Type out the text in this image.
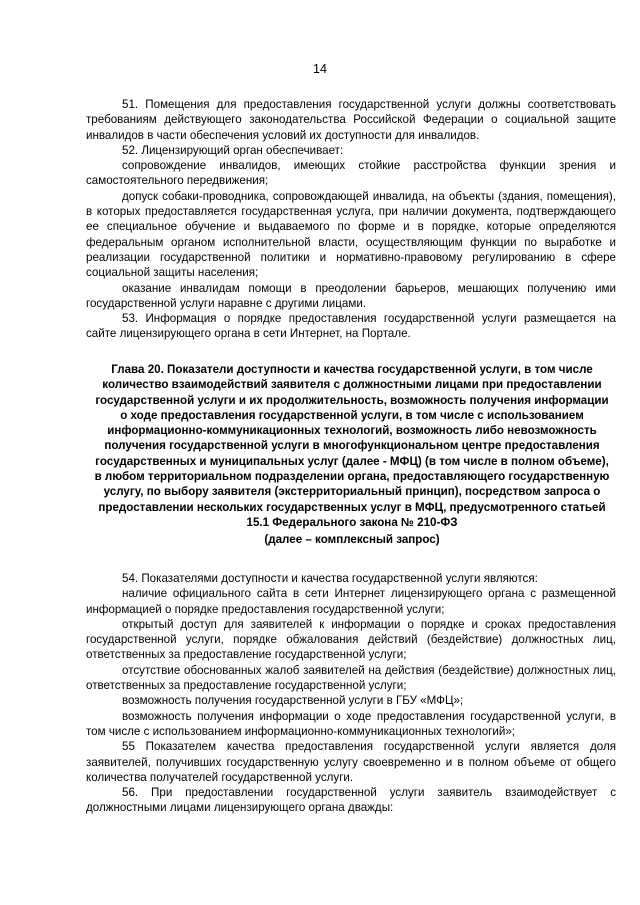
14

51. Помещения для предоставления государственной услуги должны соответствовать требованиям действующего законодательства Российской Федерации о социальной защите инвалидов в части обеспечения условий их доступности для инвалидов.

52. Лицензирующий орган обеспечивает:

сопровождение инвалидов, имеющих стойкие расстройства функции зрения и самостоятельного передвижения;

допуск собаки-проводника, сопровождающей инвалида, на объекты (здания, помещения), в которых предоставляется государственная услуга, при наличии документа, подтверждающего ее специальное обучение и выдаваемого по форме и в порядке, которые определяются федеральным органом исполнительной власти, осуществляющим функции по выработке и реализации государственной политики и нормативно-правовому регулированию в сфере социальной защиты населения;

оказание инвалидам помощи в преодолении барьеров, мешающих получению ими государственной услуги наравне с другими лицами.

53. Информация о порядке предоставления государственной услуги размещается на сайте лицензирующего органа в сети Интернет, на Портале.

Глава 20. Показатели доступности и качества государственной услуги, в том числе количество взаимодействий заявителя с должностными лицами при предоставлении государственной услуги и их продолжительность, возможность получения информации о ходе предоставления государственной услуги, в том числе с использованием информационно-коммуникационных технологий, возможность либо невозможность получения государственной услуги в многофункциональном центре предоставления государственных и муниципальных услуг (далее - МФЦ) (в том числе в полном объеме), в любом территориальном подразделении органа, предоставляющего государственную услугу, по выбору заявителя (экстерриториальный принцип), посредством запроса о предоставлении нескольких государственных услуг в МФЦ, предусмотренного статьей 15.1 Федерального закона № 210-ФЗ

(далее – комплексный запрос)

54. Показателями доступности и качества государственной услуги являются:

наличие официального сайта в сети Интернет лицензирующего органа с размещенной информацией о порядке предоставления государственной услуги;

открытый доступ для заявителей к информации о порядке и сроках предоставления государственной услуги, порядке обжалования действий (бездействие) должностных лиц, ответственных за предоставление государственной услуги;

отсутствие обоснованных жалоб заявителей на действия (бездействие) должностных лиц, ответственных за предоставление государственной услуги;

возможность получения государственной услуги в ГБУ «МФЦ»;

возможность получения информации о ходе предоставления государственной услуги, в том числе с использованием информационно-коммуникационных технологий»;

55 Показателем качества предоставления государственной услуги является доля заявителей, получивших государственную услугу своевременно и в полном объеме от общего количества получателей государственной услуги.

56. При предоставлении государственной услуги заявитель взаимодействует с должностными лицами лицензирующего органа дважды:
